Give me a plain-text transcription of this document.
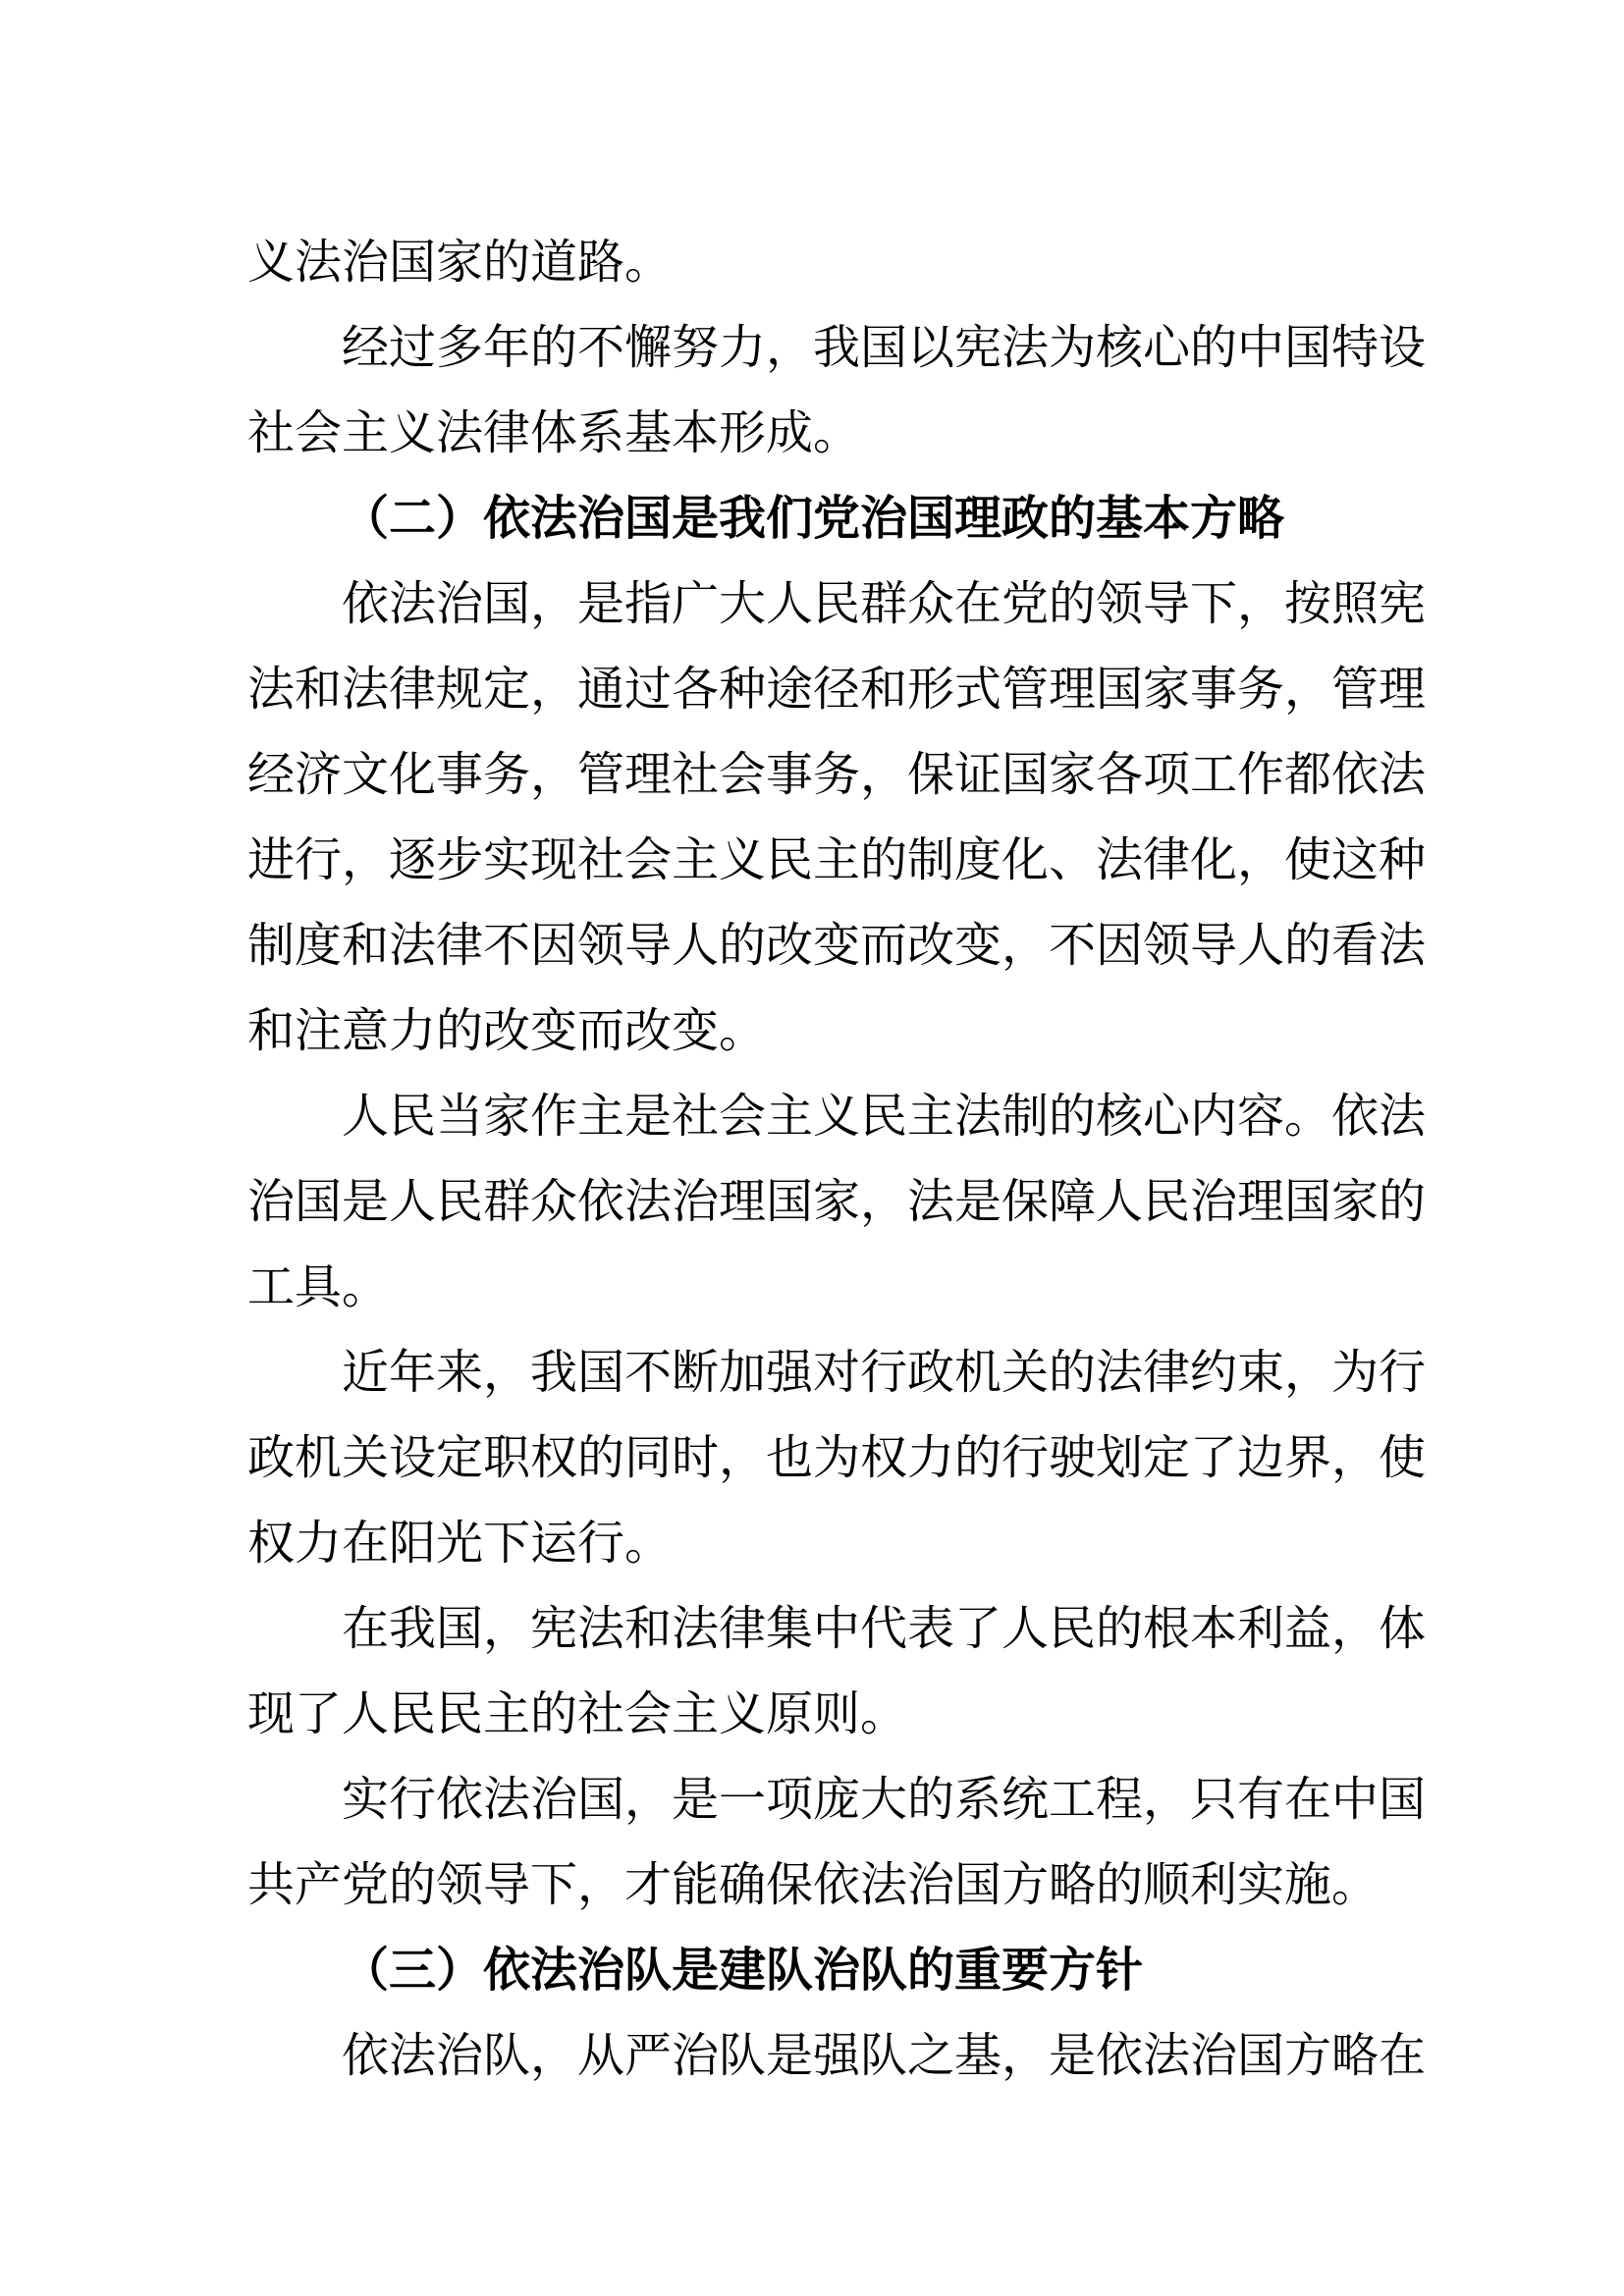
义法治国家的道路。
经过多年的不懈努力，我国以宪法为核心的中国特设
社会主义法律体系基本形成。
（二）依法治国是我们党治国理政的基本方略
依法治国，是指广大人民群众在党的领导下，按照宪
法和法律规定，通过各种途径和形式管理国家事务，管理
经济文化事务，管理社会事务，保证国家各项工作都依法
进行，逐步实现社会主义民主的制度化、法律化，使这种
制度和法律不因领导人的改变而改变，不因领导人的看法
和注意力的改变而改变。
人民当家作主是社会主义民主法制的核心内容。依法
治国是人民群众依法治理国家，法是保障人民治理国家的
工具。
近年来，我国不断加强对行政机关的法律约束，为行
政机关设定职权的同时，也为权力的行驶划定了边界，使
权力在阳光下运行。
在我国，宪法和法律集中代表了人民的根本利益，体
现了人民民主的社会主义原则。
实行依法治国，是一项庞大的系统工程，只有在中国
共产党的领导下，才能确保依法治国方略的顺利实施。
（三）依法治队是建队治队的重要方针
依法治队，从严治队是强队之基，是依法治国方略在
